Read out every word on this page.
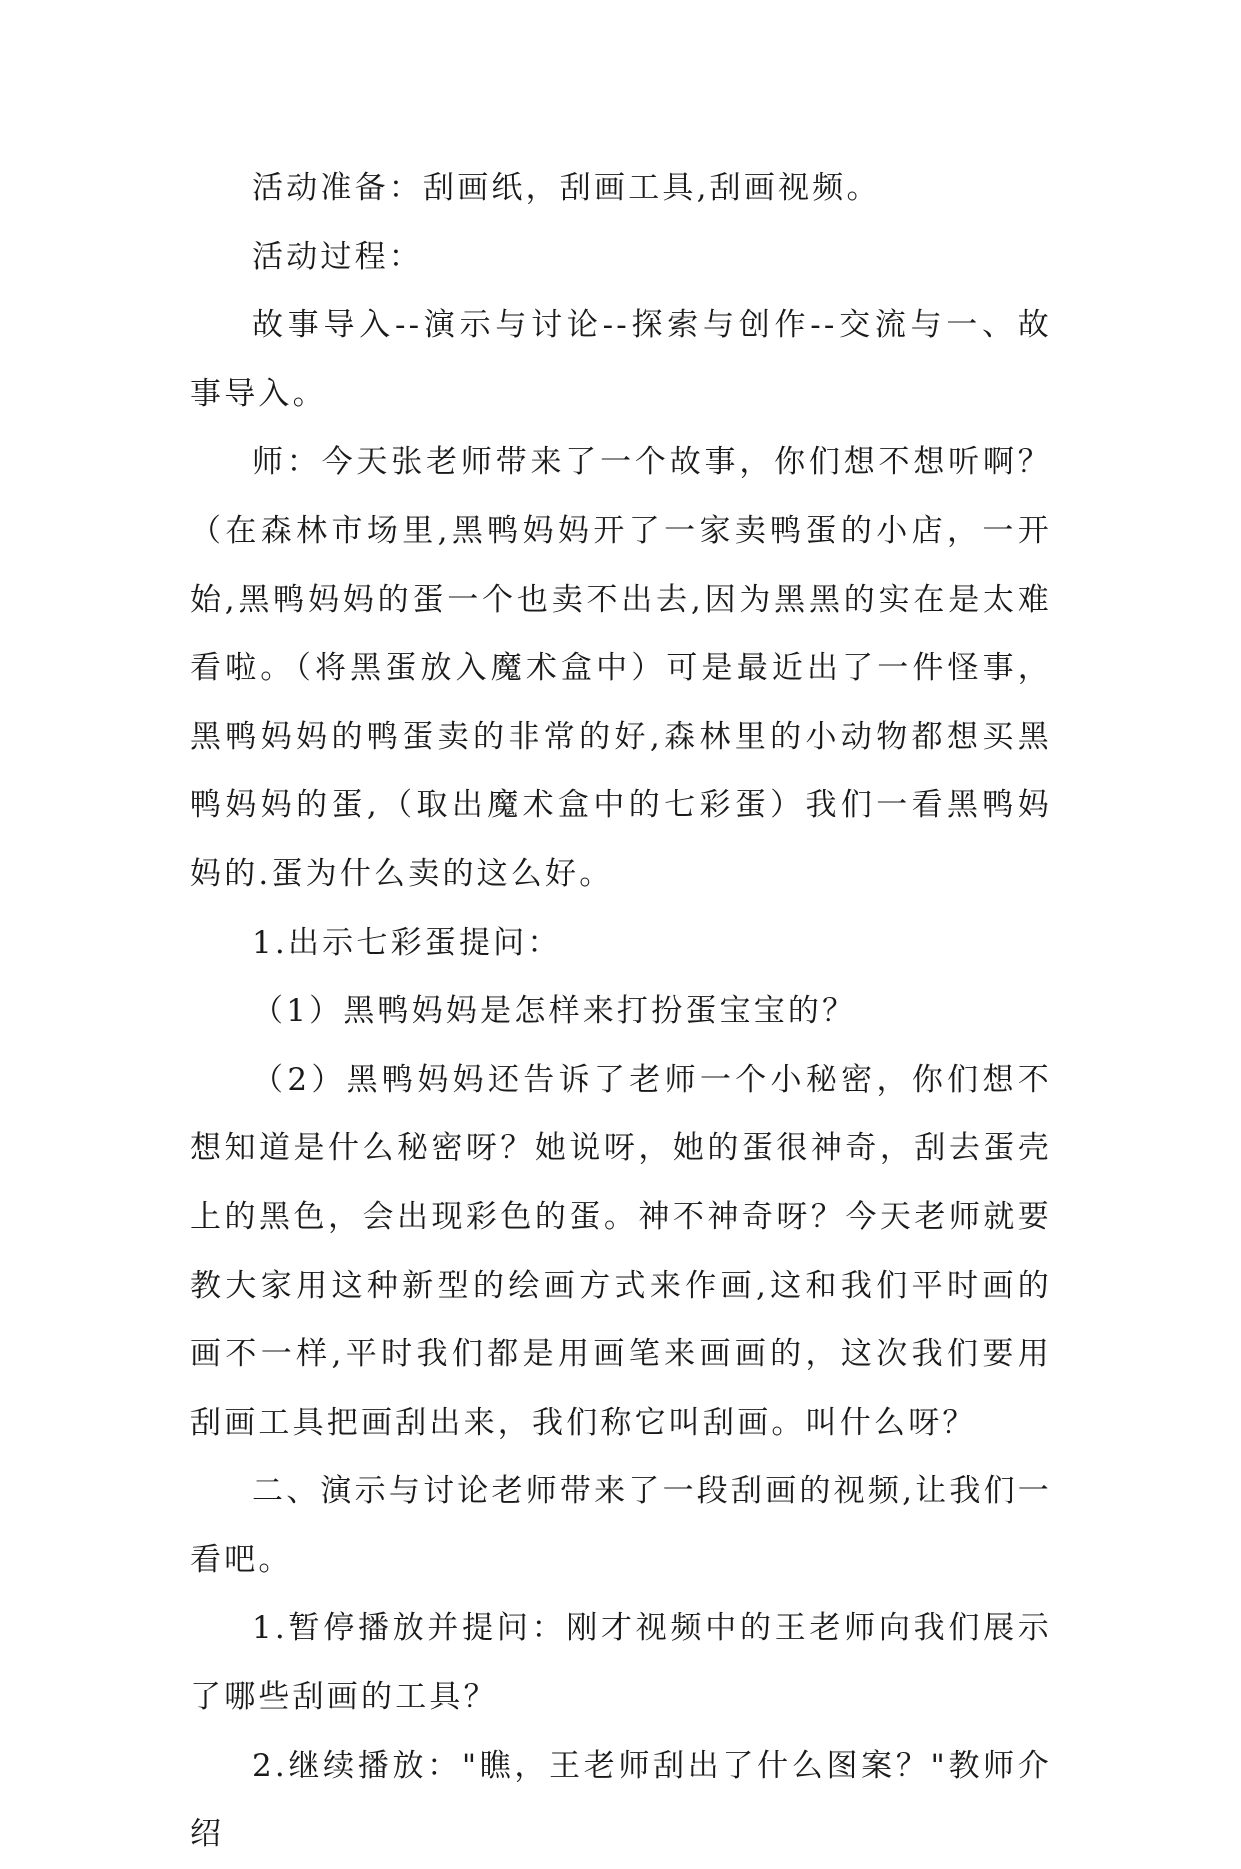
活动准备：刮画纸，刮画工具,刮画视频。

活动过程：

故事导入--演示与讨论--探索与创作--交流与一、故事导入。

师：今天张老师带来了一个故事，你们想不想听啊？（在森林市场里,黑鸭妈妈开了一家卖鸭蛋的小店，一开始,黑鸭妈妈的蛋一个也卖不出去,因为黑黑的实在是太难看啦。（将黑蛋放入魔术盒中）可是最近出了一件怪事，黑鸭妈妈的鸭蛋卖的非常的好,森林里的小动物都想买黑鸭妈妈的蛋,（取出魔术盒中的七彩蛋）我们一看黑鸭妈妈的.蛋为什么卖的这么好。

1.出示七彩蛋提问：

（1）黑鸭妈妈是怎样来打扮蛋宝宝的？

（2）黑鸭妈妈还告诉了老师一个小秘密，你们想不想知道是什么秘密呀？她说呀，她的蛋很神奇，刮去蛋壳上的黑色，会出现彩色的蛋。神不神奇呀？今天老师就要教大家用这种新型的绘画方式来作画,这和我们平时画的画不一样,平时我们都是用画笔来画画的，这次我们要用刮画工具把画刮出来，我们称它叫刮画。叫什么呀？

二、演示与讨论老师带来了一段刮画的视频,让我们一看吧。

1.暂停播放并提问：刚才视频中的王老师向我们展示了哪些刮画的工具？

2.继续播放："瞧，王老师刮出了什么图案？"教师介绍
